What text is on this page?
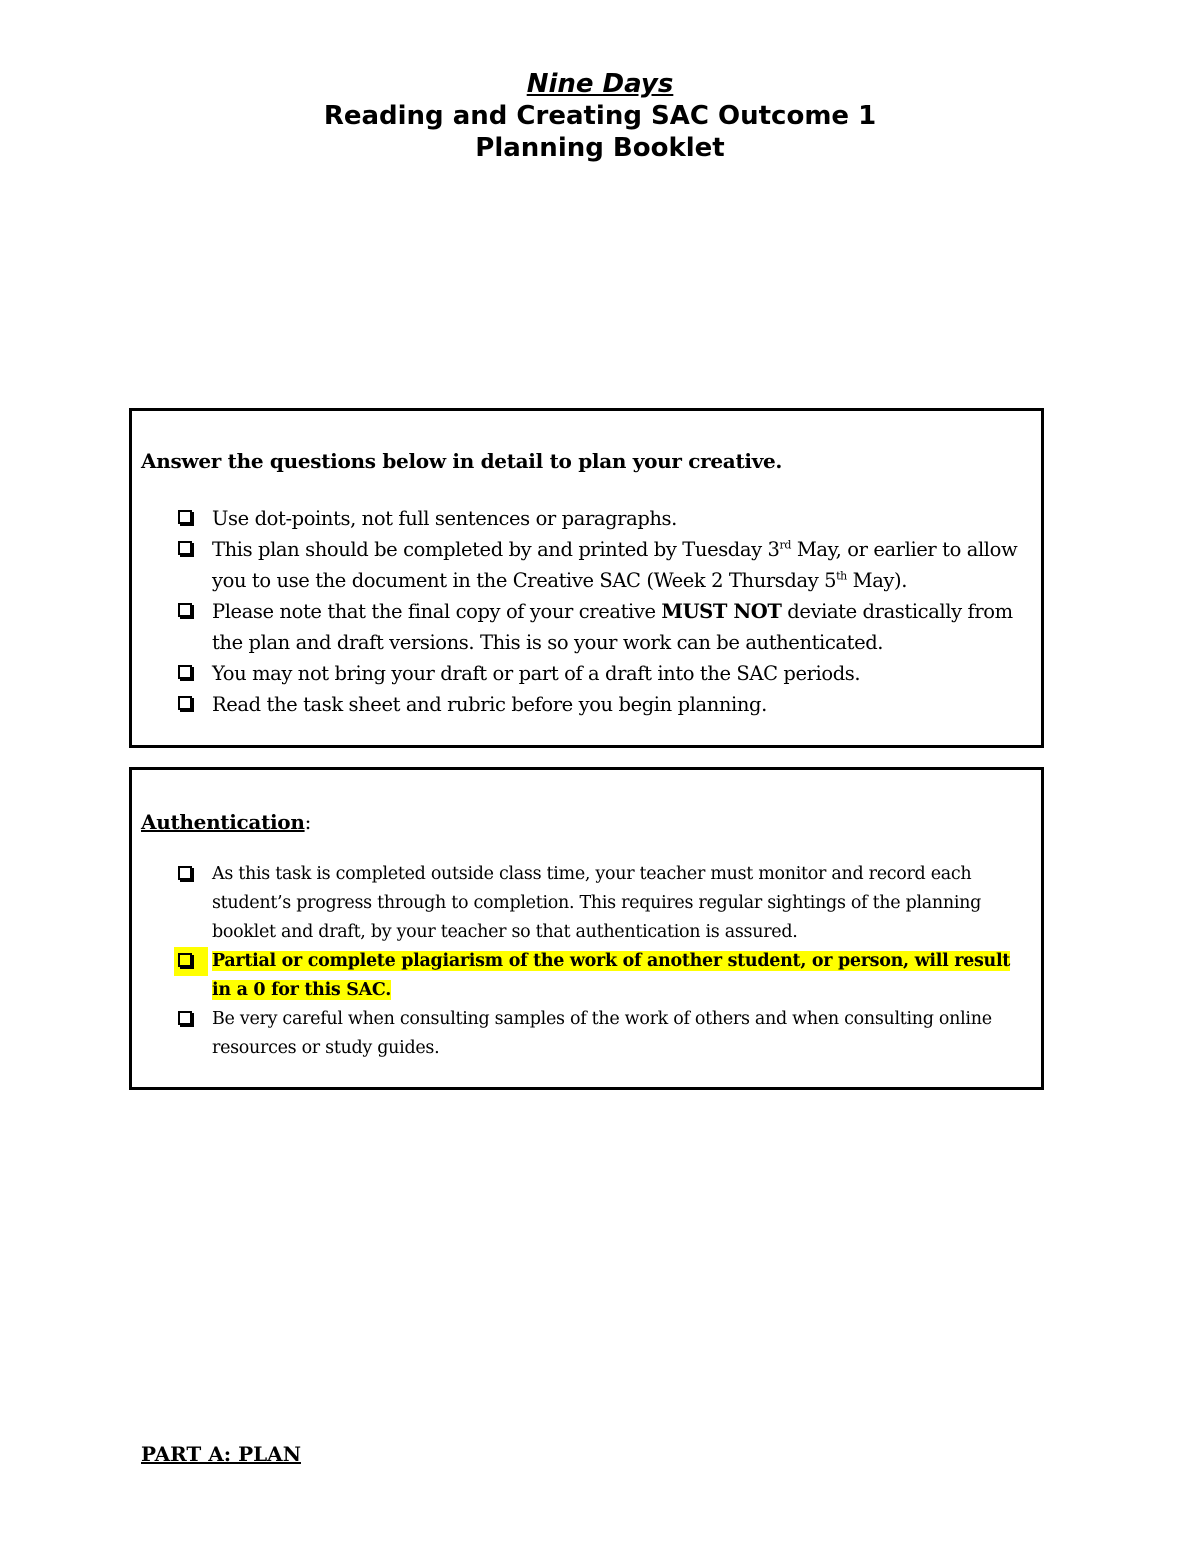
Nine Days
Reading and Creating SAC Outcome 1
Planning Booklet
Answer the questions below in detail to plan your creative.
Use dot-points, not full sentences or paragraphs.
This plan should be completed by and printed by Tuesday 3rd May, or earlier to allow you to use the document in the Creative SAC (Week 2 Thursday 5th May).
Please note that the final copy of your creative MUST NOT deviate drastically from the plan and draft versions. This is so your work can be authenticated.
You may not bring your draft or part of a draft into the SAC periods.
Read the task sheet and rubric before you begin planning.
Authentication:
As this task is completed outside class time, your teacher must monitor and record each student’s progress through to completion. This requires regular sightings of the planning booklet and draft, by your teacher so that authentication is assured.
Partial or complete plagiarism of the work of another student, or person, will result in a 0 for this SAC.
Be very careful when consulting samples of the work of others and when consulting online resources or study guides.
PART A: PLAN
